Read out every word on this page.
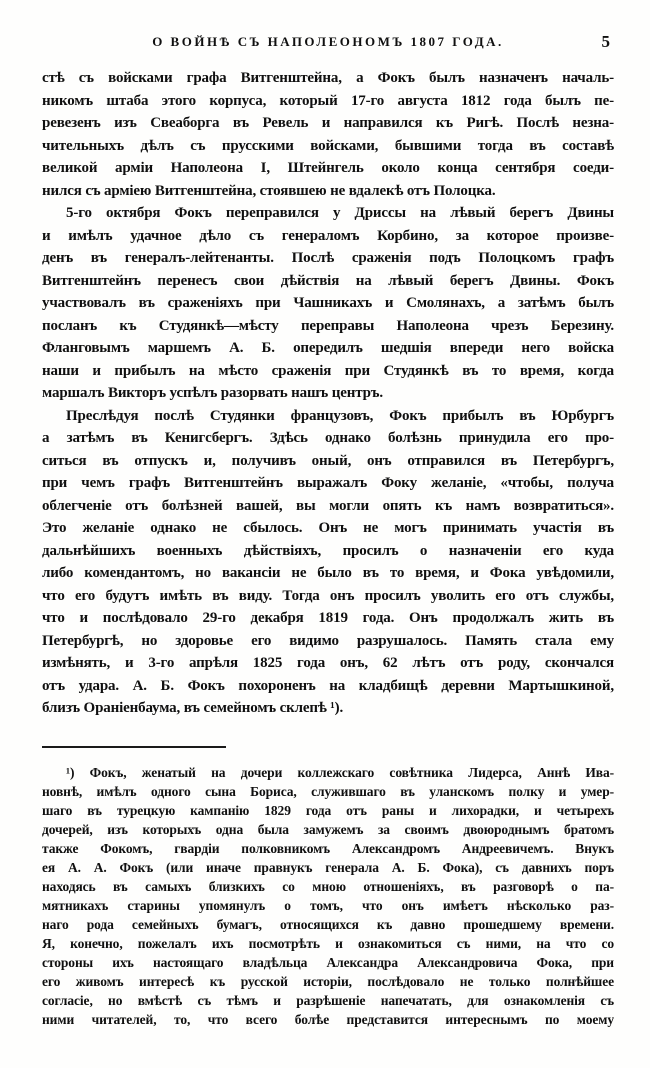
О ВОЙНѢ СЪ НАПОЛЕОНОМЪ 1807 ГОДА.	5
стѣ съ войсками графа Витгенштейна, а Фокъ былъ назначенъ началь-
никомъ штаба этого корпуса, который 17-го августа 1812 года былъ пе-
ревезенъ изъ Свеаборга въ Ревель и направился къ Ригѣ. Послѣ незна-
чительныхъ дѣлъ съ прусскими войсками, бывшими тогда въ составѣ
великой арміи Наполеона I, Штейнгель около конца сентября соеди-
нился съ арміею Витгенштейна, стоявшею не вдалекѣ отъ Полоцка.
5-го октября Фокъ переправился у Дриссы на лѣвый берегъ Двины
и имѣлъ удачное дѣло съ генераломъ Корбино, за которое произве-
денъ въ генералъ-лейтенанты. Послѣ сраженія подъ Полоцкомъ графъ
Витгенштейнъ перенесъ свои дѣйствія на лѣвый берегъ Двины. Фокъ
участвовалъ въ сраженіяхъ при Чашникахъ и Смолянахъ, а затѣмъ былъ
посланъ къ Студянкѣ—мѣсту переправы Наполеона чрезъ Березину.
Фланговымъ маршемъ А. Б. опередилъ шедшія впереди него войска
наши и прибылъ на мѣсто сраженія при Студянкѣ въ то время, когда
маршалъ Викторъ успѣлъ разорвать нашъ центръ.
Преслѣдуя послѣ Студянки французовъ, Фокъ прибылъ въ Юрбургъ
а затѣмъ въ Кенигсбергъ. Здѣсь однако болѣзнь принудила его про-
ситься въ отпускъ и, получивъ оный, онъ отправился въ Петербургъ,
при чемъ графъ Витгенштейнъ выражалъ Фоку желаніе, «чтобы, получа
облегченіе отъ болѣзней вашей, вы могли опять къ намъ возвратиться».
Это желаніе однако не сбылось. Онъ не могъ принимать участія въ
дальнѣйшихъ военныхъ дѣйствіяхъ, просилъ о назначеніи его куда
либо комендантомъ, но вакансіи не было въ то время, и Фока увѣдомили,
что его будутъ имѣть въ виду. Тогда онъ просилъ уволить его отъ службы,
что и послѣдовало 29-го декабря 1819 года. Онъ продолжалъ жить въ
Петербургѣ, но здоровье его видимо разрушалось. Память стала ему
измѣнять, и 3-го апрѣля 1825 года онъ, 62 лѣтъ отъ роду, скончался
отъ удара. А. Б. Фокъ похороненъ на кладбищѣ деревни Мартышкиной,
близъ Ораніенбаума, въ семейномъ склепѣ ¹).
¹) Фокъ, женатый на дочери коллежскаго совѣтника Лидерса, Аннѣ Ива-
новнѣ, имѣлъ одного сына Бориса, служившаго въ уланскомъ полку и умер-
шаго въ турецкую кампанію 1829 года отъ раны и лихорадки, и четырехъ
дочерей, изъ которыхъ одна была замужемъ за своимъ двоюроднымъ братомъ
также Фокомъ, гвардіи полковникомъ Александромъ Андреевичемъ. Внукъ
ея А. А. Фокъ (или иначе правнукъ генерала А. Б. Фока), съ давнихъ поръ
находясь въ самыхъ близкихъ со мною отношеніяхъ, въ разговорѣ о па-
мятникахъ старины упомянулъ о томъ, что онъ имѣетъ нѣсколько раз-
наго рода семейныхъ бумагъ, относящихся къ давно прошедшему времени.
Я, конечно, пожелалъ ихъ посмотрѣть и ознакомиться съ ними, на что со
стороны ихъ настоящаго владѣльца Александра Александровича Фока, при
его живомъ интересѣ къ русской исторіи, послѣдовало не только полнѣйшее
согласіе, но вмѣстѣ съ тѣмъ и разрѣшеніе напечатать, для ознакомленія съ
ними читателей, то, что всего болѣе представится интереснымъ по моему
